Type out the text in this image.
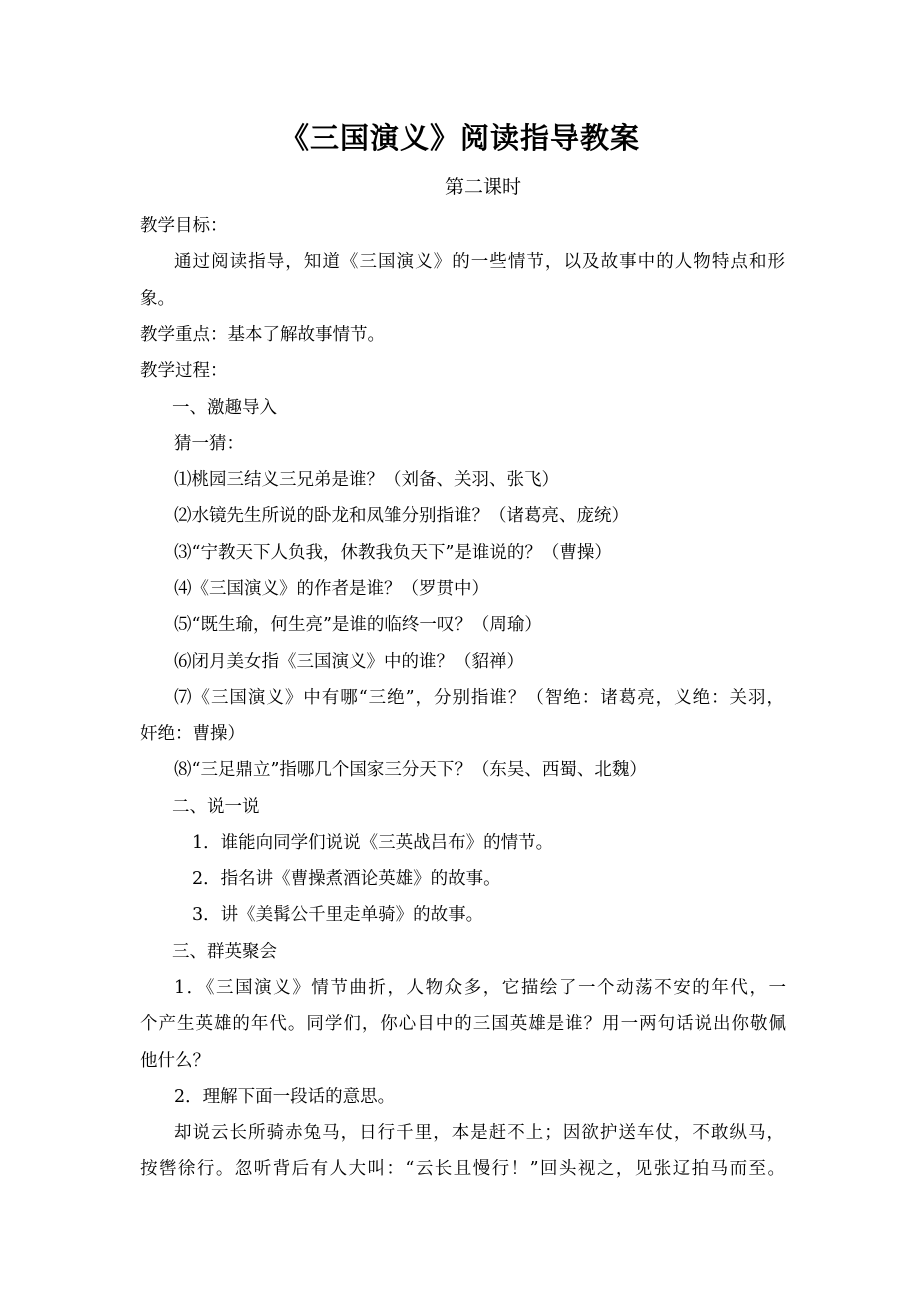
《三国演义》阅读指导教案
第二课时

教学目标：

通过阅读指导，知道《三国演义》的一些情节，以及故事中的人物特点和形

象。

教学重点：基本了解故事情节。

教学过程：

一、激趣导入

猜一猜：

⑴桃园三结义三兄弟是谁？（刘备、关羽、张飞）

⑵水镜先生所说的卧龙和凤雏分别指谁？（诸葛亮、庞统）

⑶“宁教天下人负我，休教我负天下”是谁说的？（曹操）

⑷《三国演义》的作者是谁？（罗贯中）

⑸“既生瑜，何生亮”是谁的临终一叹？（周瑜）

⑹闭月美女指《三国演义》中的谁？（貂禅）

⑺《三国演义》中有哪“三绝”，分别指谁？（智绝：诸葛亮，义绝：关羽，

奸绝：曹操）

⑻“三足鼎立”指哪几个国家三分天下？（东吴、西蜀、北魏）

二、说一说

1．谁能向同学们说说《三英战吕布》的情节。

2．指名讲《曹操煮酒论英雄》的故事。

3．讲《美髯公千里走单骑》的故事。

三、群英聚会

1．《三国演义》情节曲折，人物众多，它描绘了一个动荡不安的年代，一

个产生英雄的年代。同学们，你心目中的三国英雄是谁？用一两句话说出你敬佩

他什么？

2．理解下面一段话的意思。

却说云长所骑赤兔马，日行千里，本是赶不上；因欲护送车仗，不敢纵马，

按辔徐行。忽听背后有人大叫：“云长且慢行！”回头视之，见张辽拍马而至。
